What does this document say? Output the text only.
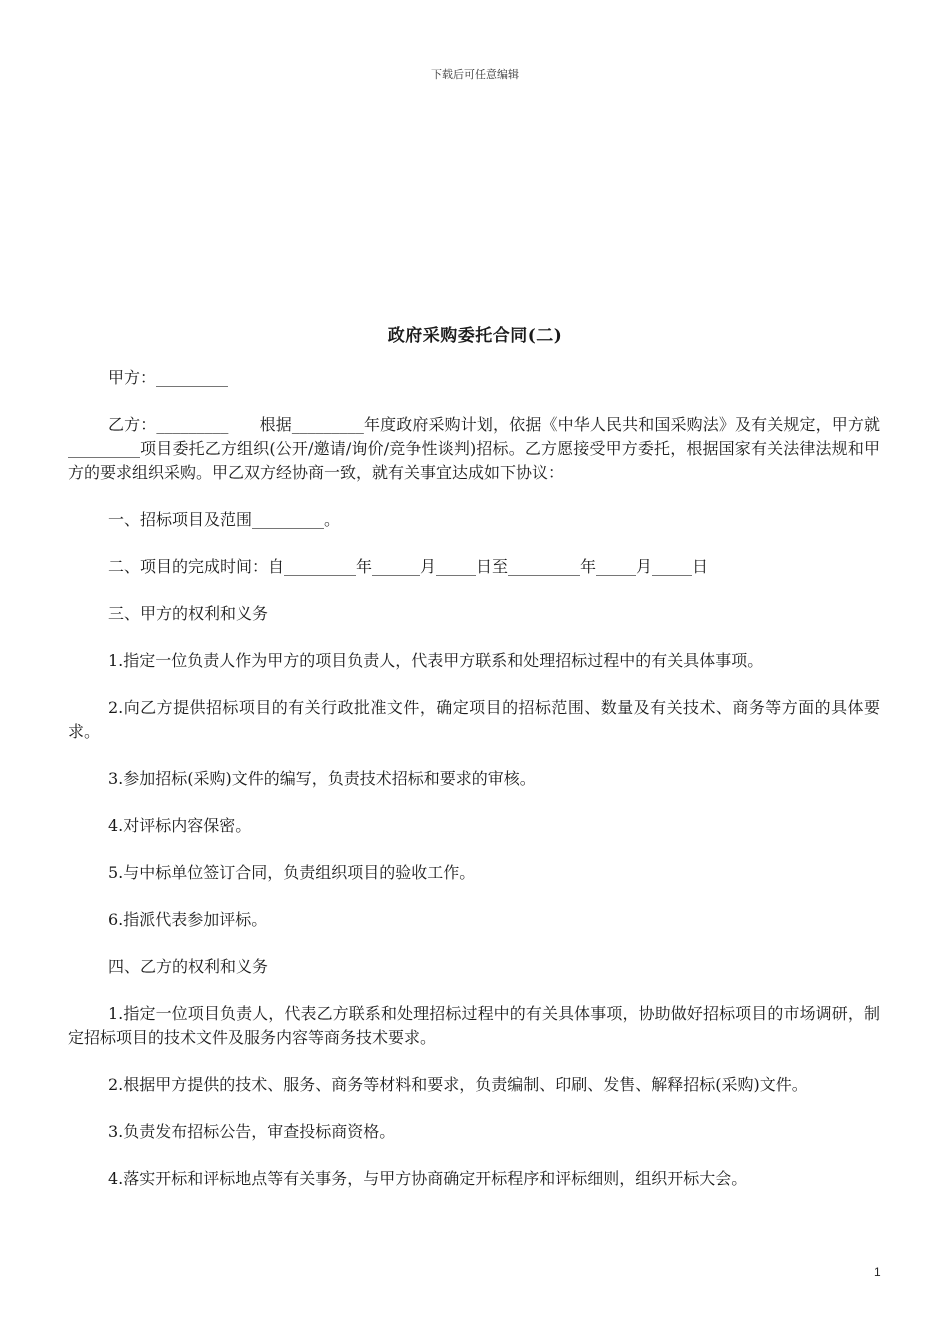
下载后可任意编辑
政府采购委托合同(二)

甲方：_________

乙方：_________      根据_________年度政府采购计划，依据《中华人民共和国采购法》及有关规定，甲方就_________项目委托乙方组织(公开/邀请/询价/竞争性谈判)招标。乙方愿接受甲方委托，根据国家有关法律法规和甲方的要求组织采购。甲乙双方经协商一致，就有关事宜达成如下协议：

一、招标项目及范围_________。

二、项目的完成时间：自_________年______月_____日至_________年_____月_____日

三、甲方的权利和义务

1.指定一位负责人作为甲方的项目负责人，代表甲方联系和处理招标过程中的有关具体事项。

2.向乙方提供招标项目的有关行政批准文件，确定项目的招标范围、数量及有关技术、商务等方面的具体要求。

3.参加招标(采购)文件的编写，负责技术招标和要求的审核。

4.对评标内容保密。

5.与中标单位签订合同，负责组织项目的验收工作。

6.指派代表参加评标。

四、乙方的权利和义务

1.指定一位项目负责人，代表乙方联系和处理招标过程中的有关具体事项，协助做好招标项目的市场调研，制定招标项目的技术文件及服务内容等商务技术要求。

2.根据甲方提供的技术、服务、商务等材料和要求，负责编制、印刷、发售、解释招标(采购)文件。

3.负责发布招标公告，审查投标商资格。

4.落实开标和评标地点等有关事务，与甲方协商确定开标程序和评标细则，组织开标大会。

1
